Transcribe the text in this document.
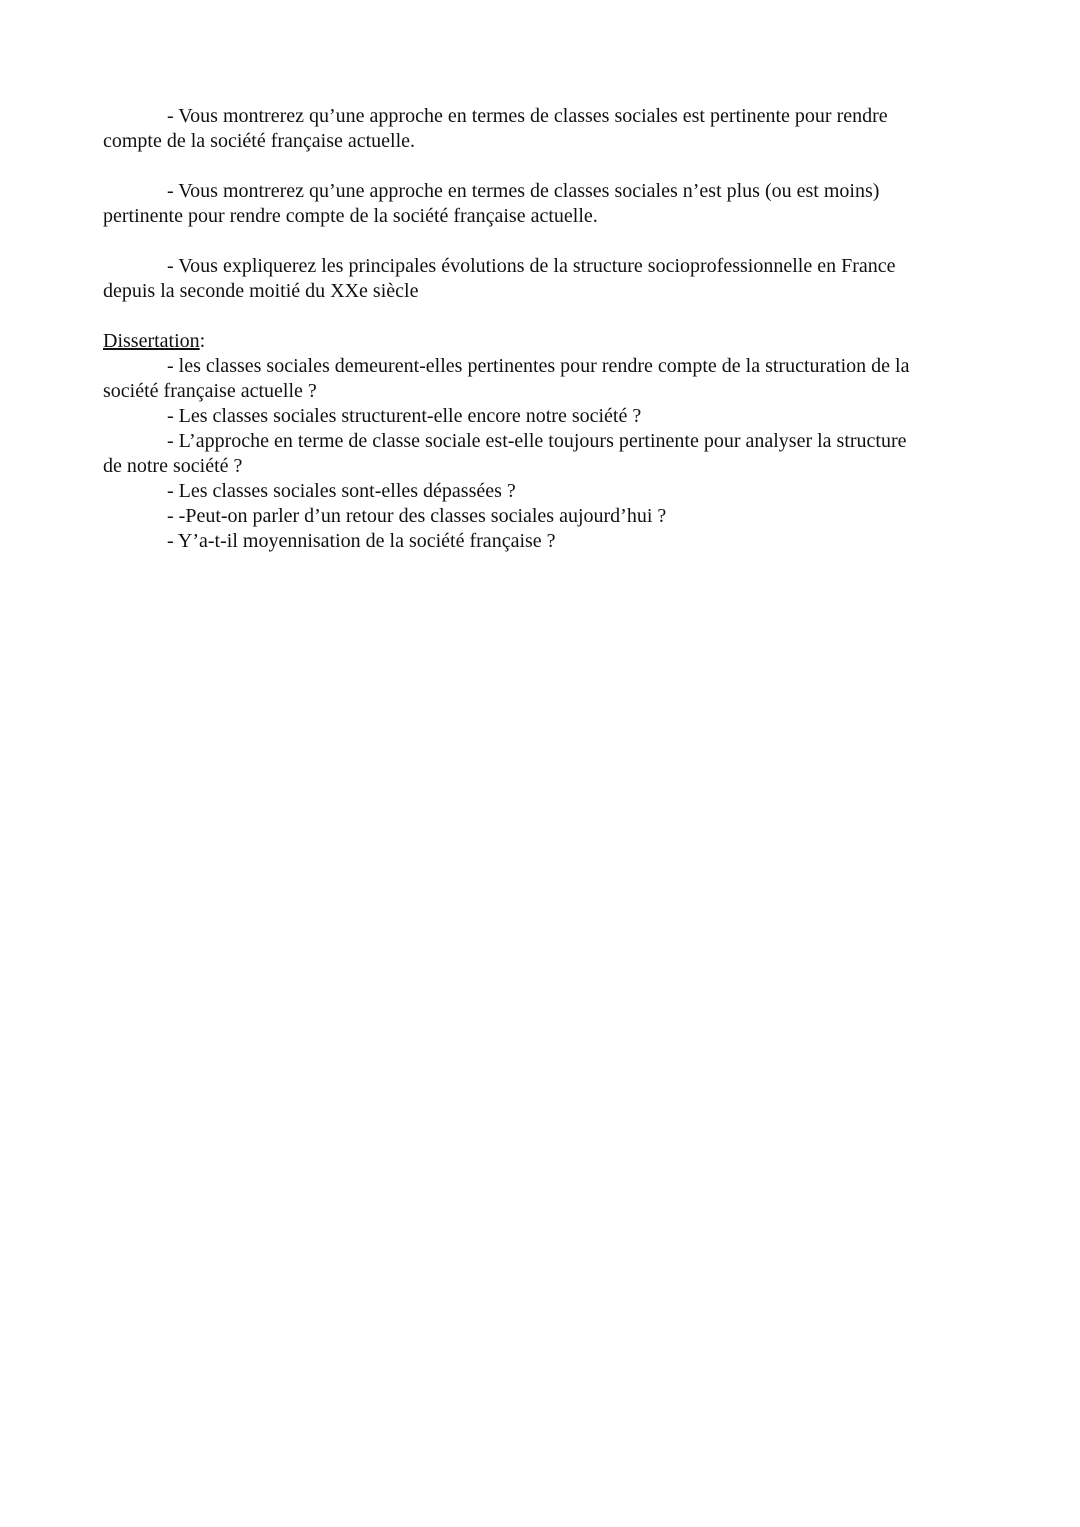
- Vous montrerez qu’une approche en termes de classes sociales est pertinente pour rendre
compte de la société française actuelle.

- Vous montrerez qu’une approche en termes de classes sociales n’est plus (ou est moins)
pertinente pour rendre compte de la société française actuelle.

- Vous expliquerez les principales évolutions de la structure socioprofessionnelle en France
depuis la seconde moitié du XXe siècle

Dissertation:
- les classes sociales demeurent-elles pertinentes pour rendre compte de la structuration de la
société française actuelle ?
- Les classes sociales structurent-elle encore notre société ?
- L’approche en terme de classe sociale est-elle toujours pertinente pour analyser la structure
de notre société ?
- Les classes sociales sont-elles dépassées ?
- -Peut-on parler d’un retour des classes sociales aujourd’hui ?
- Y’a-t-il moyennisation de la société française ?
